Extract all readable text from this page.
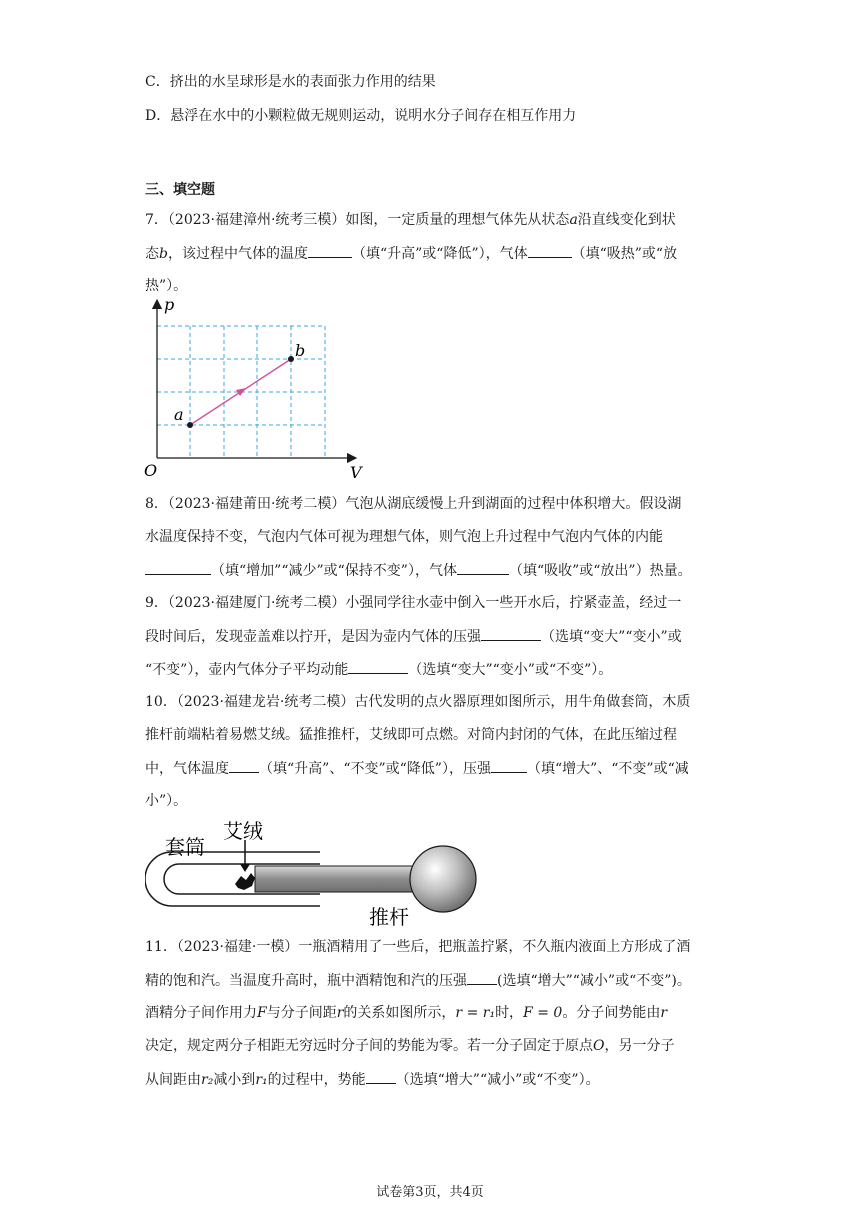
C．挤出的水呈球形是水的表面张力作用的结果
D．悬浮在水中的小颗粒做无规则运动，说明水分子间存在相互作用力
三、填空题
7．（2023·福建漳州·统考三模）如图，一定质量的理想气体先从状态a沿直线变化到状
态b，该过程中气体的温度	（填“升高”或“降低”），气体	（填“吸热”或“放
热”）。
p
V
O
a
b
8．（2023·福建莆田·统考二模）气泡从湖底缓慢上升到湖面的过程中体积增大。假设湖
水温度保持不变，气泡内气体可视为理想气体，则气泡上升过程中气泡内气体的内能
（填“增加”“减少”或“保持不变”），气体	（填“吸收”或“放出”）热量。
9．（2023·福建厦门·统考二模）小强同学往水壶中倒入一些开水后，拧紧壶盖，经过一
段时间后，发现壶盖难以拧开，是因为壶内气体的压强	（选填“变大”“变小”或
“不变”），壶内气体分子平均动能	（选填“变大”“变小”或“不变”）。
10．（2023·福建龙岩·统考二模）古代发明的点火器原理如图所示，用牛角做套筒，木质
推杆前端粘着易燃艾绒。猛推推杆，艾绒即可点燃。对筒内封闭的气体，在此压缩过程
中，气体温度 （填“升高”、“不变”或“降低”），压强	（填“增大”、“不变”或“减
小”）。
套筒
艾绒
推杆
11．（2023·福建·一模）一瓶酒精用了一些后，把瓶盖拧紧，不久瓶内液面上方形成了酒
精的饱和汽。当温度升高时，瓶中酒精饱和汽的压强 (选填“增大”“减小”或“不变”)。
酒精分子间作用力F与分子间距r的关系如图所示，r = r₁时，F = 0。分子间势能由r
决定，规定两分子相距无穷远时分子间的势能为零。若一分子固定于原点O，另一分子
从间距由r₂减小到r₁的过程中，势能 （选填“增大”“减小”或“不变”）。
试卷第3页，共4页
